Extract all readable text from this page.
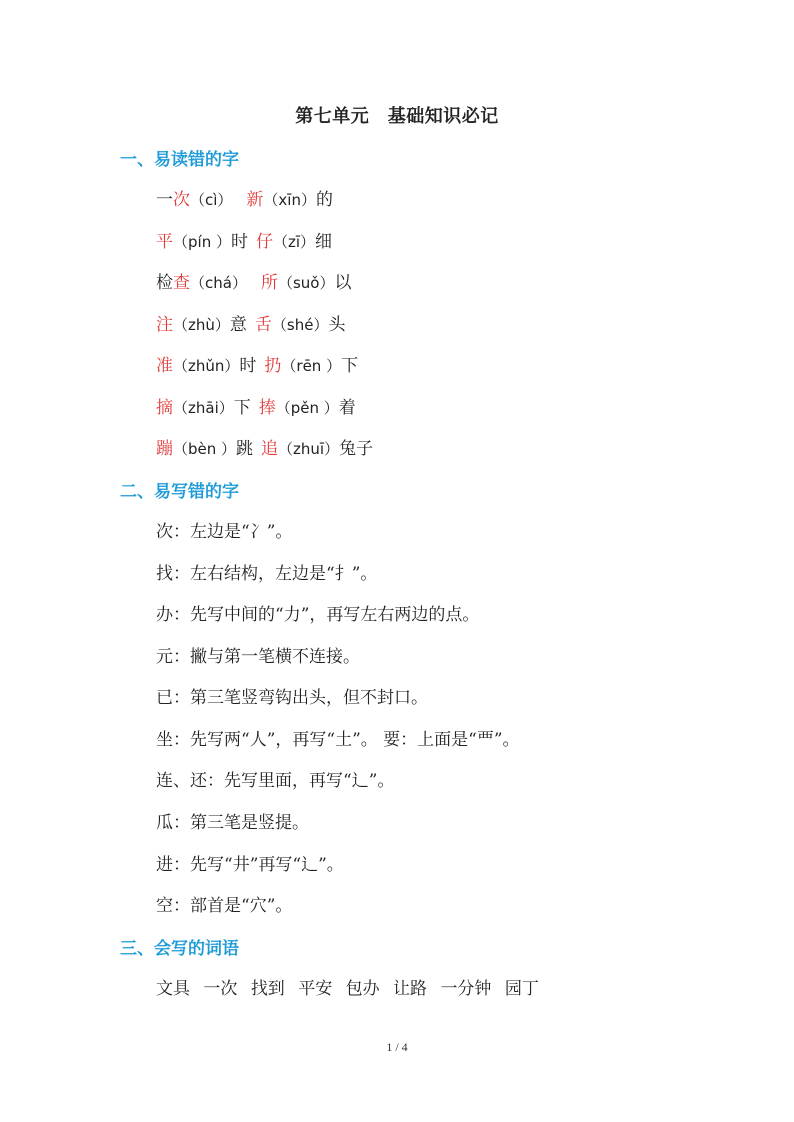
第七单元　基础知识必记
一、易读错的字
一次（cì） 新（xīn）的
平（pín ）时 仔（zī）细
检查（chá） 所（suǒ）以
注（zhù）意 舌（shé）头
准（zhǔn）时 扔（rēn ）下
摘（zhāi）下 捧（pěn ）着
蹦（bèn ）跳 追（zhuī）兔子
二、易写错的字
次：左边是“冫”。
找：左右结构，左边是“扌”。
办：先写中间的“力”，再写左右两边的点。
元：撇与第一笔横不连接。
已：第三笔竖弯钩出头，但不封口。
坐：先写两“人”，再写“土”。 要：上面是“覀”。
连、还：先写里面，再写“辶”。
瓜：第三笔是竖提。
进：先写“井”再写“辶”。
空：部首是“穴”。
三、会写的词语
文具 一次 找到 平安 包办 让路 一分钟 园丁
1 / 4
